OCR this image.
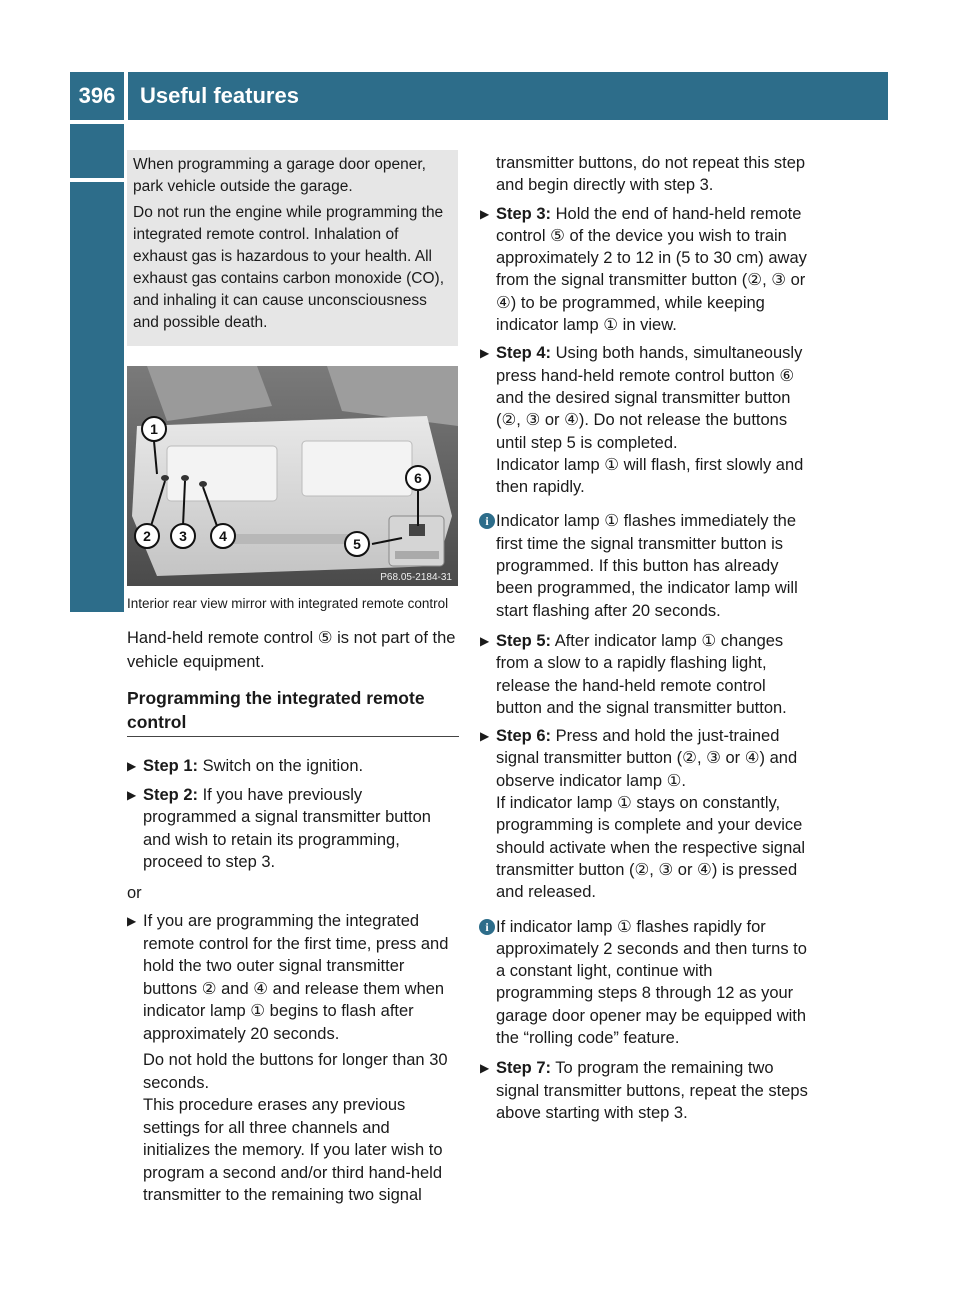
396	Useful features

When programming a garage door opener, park vehicle outside the garage.

Do not run the engine while programming the integrated remote control. Inhalation of exhaust gas is hazardous to your health. All exhaust gas contains carbon monoxide (CO), and inhaling it can cause unconsciousness and possible death.

1
2 3 4	5
6
P68.05-2184-31
Interior rear view mirror with integrated remote control

Hand-held remote control ⑤ is not part of the vehicle equipment.

Programming the integrated remote control
▶ Step 1: Switch on the ignition.
▶ Step 2: If you have previously programmed a signal transmitter button and wish to retain its programming, proceed to step 3.

or

▶ If you are programming the integrated remote control for the first time, press and hold the two outer signal transmitter buttons ② and ④ and release them when indicator lamp ① begins to flash after approximately 20 seconds.

Do not hold the buttons for longer than 30 seconds.

This procedure erases any previous settings for all three channels and initializes the memory. If you later wish to program a second and/or third hand-held transmitter to the remaining two signal

transmitter buttons, do not repeat this step and begin directly with step 3.

▶ Step 3: Hold the end of hand-held remote control ⑤ of the device you wish to train approximately 2 to 12 in (5 to 30 cm) away from the signal transmitter button (②, ③ or ④) to be programmed, while keeping indicator lamp ① in view.
▶ Step 4: Using both hands, simultaneously press hand-held remote control button ⑥ and the desired signal transmitter button (②, ③ or ④). Do not release the buttons until step 5 is completed.

Indicator lamp ① will flash, first slowly and then rapidly.

i Indicator lamp ① flashes immediately the first time the signal transmitter button is programmed. If this button has already been programmed, the indicator lamp will start flashing after 20 seconds.
▶ Step 5: After indicator lamp ① changes from a slow to a rapidly flashing light, release the hand-held remote control button and the signal transmitter button.
▶ Step 6: Press and hold the just-trained signal transmitter button (②, ③ or ④) and observe indicator lamp ①.

If indicator lamp ① stays on constantly, programming is complete and your device should activate when the respective signal transmitter button (②, ③ or ④) is pressed and released.

i If indicator lamp ① flashes rapidly for approximately 2 seconds and then turns to a constant light, continue with programming steps 8 through 12 as your garage door opener may be equipped with the “rolling code” feature.
▶ Step 7: To program the remaining two signal transmitter buttons, repeat the steps above starting with step 3.
